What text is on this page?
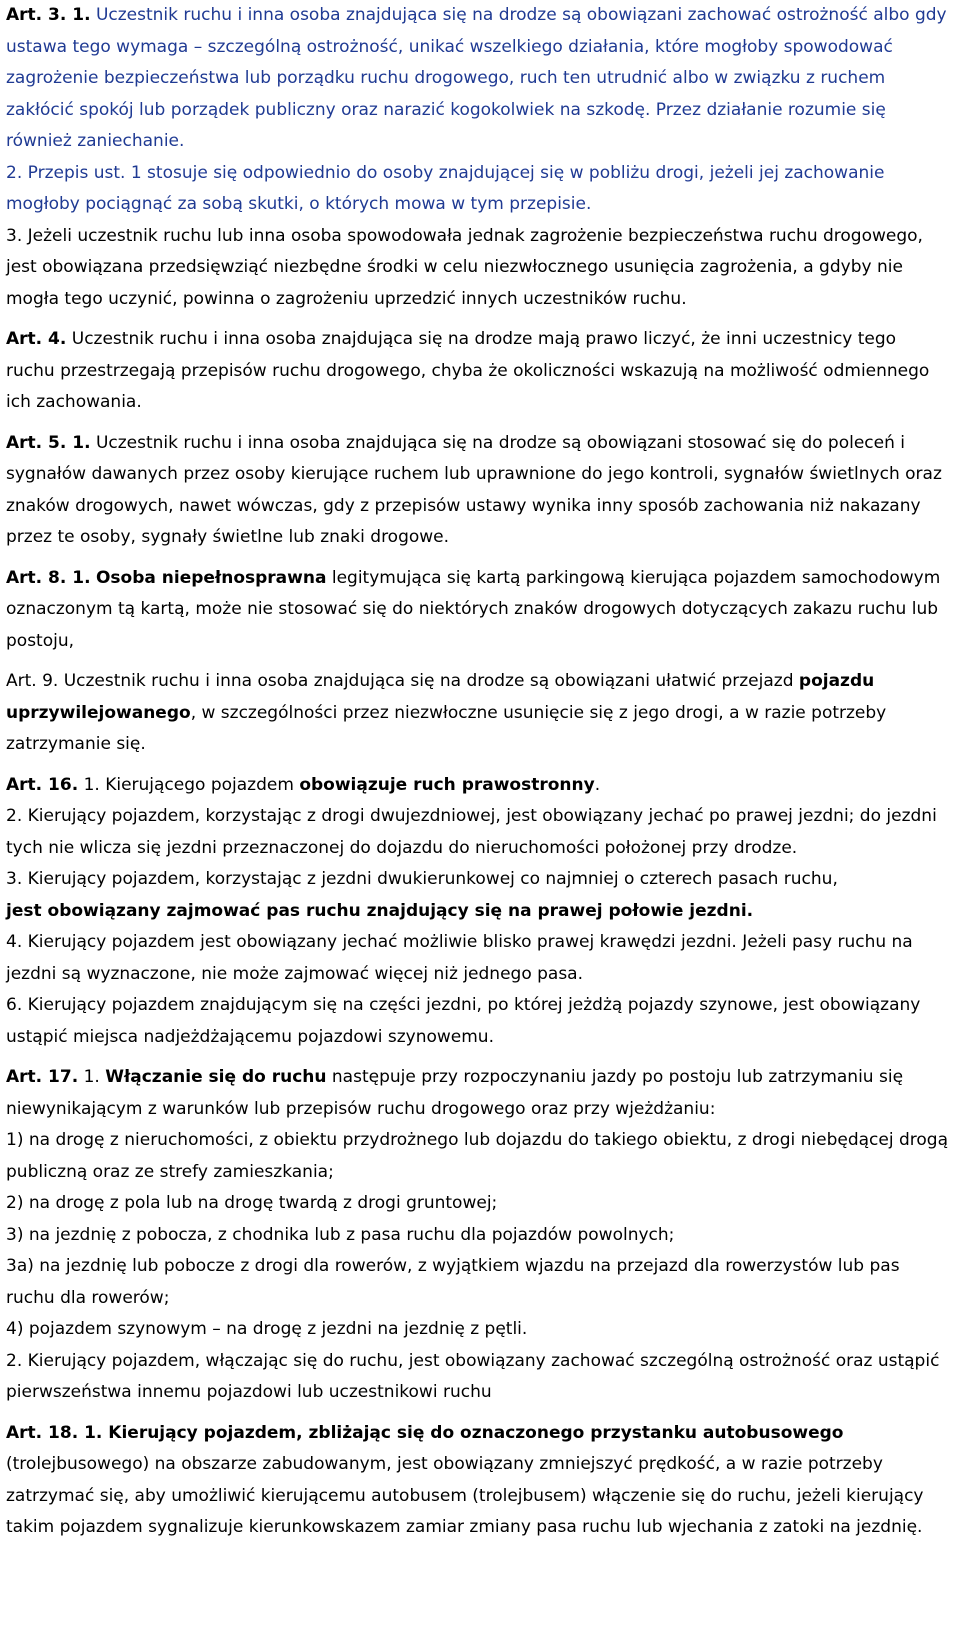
Art. 3. 1. Uczestnik ruchu i inna osoba znajdująca się na drodze są obowiązani zachować ostrożność albo gdy ustawa tego wymaga – szczególną ostrożność, unikać wszelkiego działania, które mogłoby spowodować zagrożenie bezpieczeństwa lub porządku ruchu drogowego, ruch ten utrudnić albo w związku z ruchem zakłócić spokój lub porządek publiczny oraz narazić kogokolwiek na szkodę. Przez działanie rozumie się również zaniechanie.

2. Przepis ust. 1 stosuje się odpowiednio do osoby znajdującej się w pobliżu drogi, jeżeli jej zachowanie mogłoby pociągnąć za sobą skutki, o których mowa w tym przepisie.

3. Jeżeli uczestnik ruchu lub inna osoba spowodowała jednak zagrożenie bezpieczeństwa ruchu drogowego, jest obowiązana przedsięwziąć niezbędne środki w celu niezwłocznego usunięcia zagrożenia, a gdyby nie mogła tego uczynić, powinna o zagrożeniu uprzedzić innych uczestników ruchu.

Art. 4. Uczestnik ruchu i inna osoba znajdująca się na drodze mają prawo liczyć, że inni uczestnicy tego ruchu przestrzegają przepisów ruchu drogowego, chyba że okoliczności wskazują na możliwość odmiennego ich zachowania.

Art. 5. 1. Uczestnik ruchu i inna osoba znajdująca się na drodze są obowiązani stosować się do poleceń i sygnałów dawanych przez osoby kierujące ruchem lub uprawnione do jego kontroli, sygnałów świetlnych oraz znaków drogowych, nawet wówczas, gdy z przepisów ustawy wynika inny sposób zachowania niż nakazany przez te osoby, sygnały świetlne lub znaki drogowe.

Art. 8. 1. Osoba niepełnosprawna legitymująca się kartą parkingową kierująca pojazdem samochodowym oznaczonym tą kartą, może nie stosować się do niektórych znaków drogowych dotyczących zakazu ruchu lub postoju,

Art. 9. Uczestnik ruchu i inna osoba znajdująca się na drodze są obowiązani ułatwić przejazd pojazdu uprzywilejowanego, w szczególności przez niezwłoczne usunięcie się z jego drogi, a w razie potrzeby zatrzymanie się.

Art. 16. 1. Kierującego pojazdem obowiązuje ruch prawostronny.

2. Kierujący pojazdem, korzystając z drogi dwujezdniowej, jest obowiązany jechać po prawej jezdni; do jezdni tych nie wlicza się jezdni przeznaczonej do dojazdu do nieruchomości położonej przy drodze.

3. Kierujący pojazdem, korzystając z jezdni dwukierunkowej co najmniej o czterech pasach ruchu,
jest obowiązany zajmować pas ruchu znajdujący się na prawej połowie jezdni.

4. Kierujący pojazdem jest obowiązany jechać możliwie blisko prawej krawędzi jezdni. Jeżeli pasy ruchu na jezdni są wyznaczone, nie może zajmować więcej niż jednego pasa.

6. Kierujący pojazdem znajdującym się na części jezdni, po której jeżdżą pojazdy szynowe, jest obowiązany ustąpić miejsca nadjeżdżającemu pojazdowi szynowemu.

Art. 17. 1. Włączanie się do ruchu następuje przy rozpoczynaniu jazdy po postoju lub zatrzymaniu się niewynikającym z warunków lub przepisów ruchu drogowego oraz przy wjeżdżaniu:

1) na drogę z nieruchomości, z obiektu przydrożnego lub dojazdu do takiego obiektu, z drogi niebędącej drogą publiczną oraz ze strefy zamieszkania;

2) na drogę z pola lub na drogę twardą z drogi gruntowej;

3) na jezdnię z pobocza, z chodnika lub z pasa ruchu dla pojazdów powolnych;

3a) na jezdnię lub pobocze z drogi dla rowerów, z wyjątkiem wjazdu na przejazd dla rowerzystów lub pas ruchu dla rowerów;

4) pojazdem szynowym – na drogę z jezdni na jezdnię z pętli.

2. Kierujący pojazdem, włączając się do ruchu, jest obowiązany zachować szczególną ostrożność oraz ustąpić pierwszeństwa innemu pojazdowi lub uczestnikowi ruchu

Art. 18. 1. Kierujący pojazdem, zbliżając się do oznaczonego przystanku autobusowego (trolejbusowego) na obszarze zabudowanym, jest obowiązany zmniejszyć prędkość, a w razie potrzeby zatrzymać się, aby umożliwić kierującemu autobusem (trolejbusem) włączenie się do ruchu, jeżeli kierujący takim pojazdem sygnalizuje kierunkowskazem zamiar zmiany pasa ruchu lub wjechania z zatoki na jezdnię.
